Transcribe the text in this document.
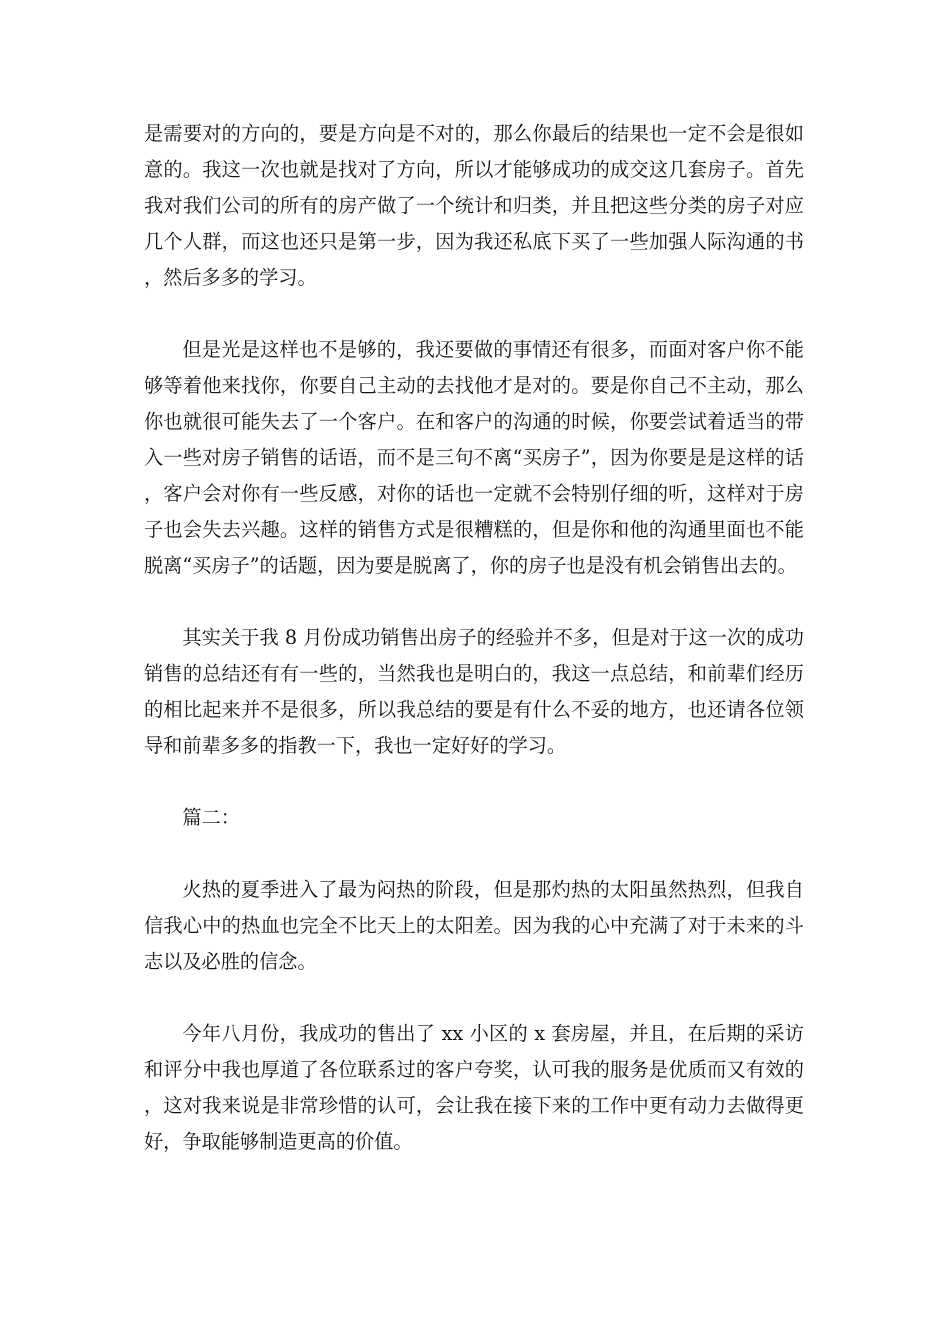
是需要对的方向的，要是方向是不对的，那么你最后的结果也一定不会是很如意的。我这一次也就是找对了方向，所以才能够成功的成交这几套房子。首先我对我们公司的所有的房产做了一个统计和归类，并且把这些分类的房子对应几个人群，而这也还只是第一步，因为我还私底下买了一些加强人际沟通的书，然后多多的学习。

但是光是这样也不是够的，我还要做的事情还有很多，而面对客户你不能够等着他来找你，你要自己主动的去找他才是对的。要是你自己不主动，那么你也就很可能失去了一个客户。在和客户的沟通的时候，你要尝试着适当的带入一些对房子销售的话语，而不是三句不离“买房子”，因为你要是是这样的话，客户会对你有一些反感，对你的话也一定就不会特别仔细的听，这样对于房子也会失去兴趣。这样的销售方式是很糟糕的，但是你和他的沟通里面也不能脱离“买房子”的话题，因为要是脱离了，你的房子也是没有机会销售出去的。

其实关于我 8 月份成功销售出房子的经验并不多，但是对于这一次的成功销售的总结还有有一些的，当然我也是明白的，我这一点总结，和前辈们经历的相比起来并不是很多，所以我总结的要是有什么不妥的地方，也还请各位领导和前辈多多的指教一下，我也一定好好的学习。

篇二：

火热的夏季进入了最为闷热的阶段，但是那灼热的太阳虽然热烈，但我自信我心中的热血也完全不比天上的太阳差。因为我的心中充满了对于未来的斗志以及必胜的信念。

今年八月份，我成功的售出了 xx 小区的 x 套房屋，并且，在后期的采访和评分中我也厚道了各位联系过的客户夸奖，认可我的服务是优质而又有效的，这对我来说是非常珍惜的认可，会让我在接下来的工作中更有动力去做得更好，争取能够制造更高的价值。
